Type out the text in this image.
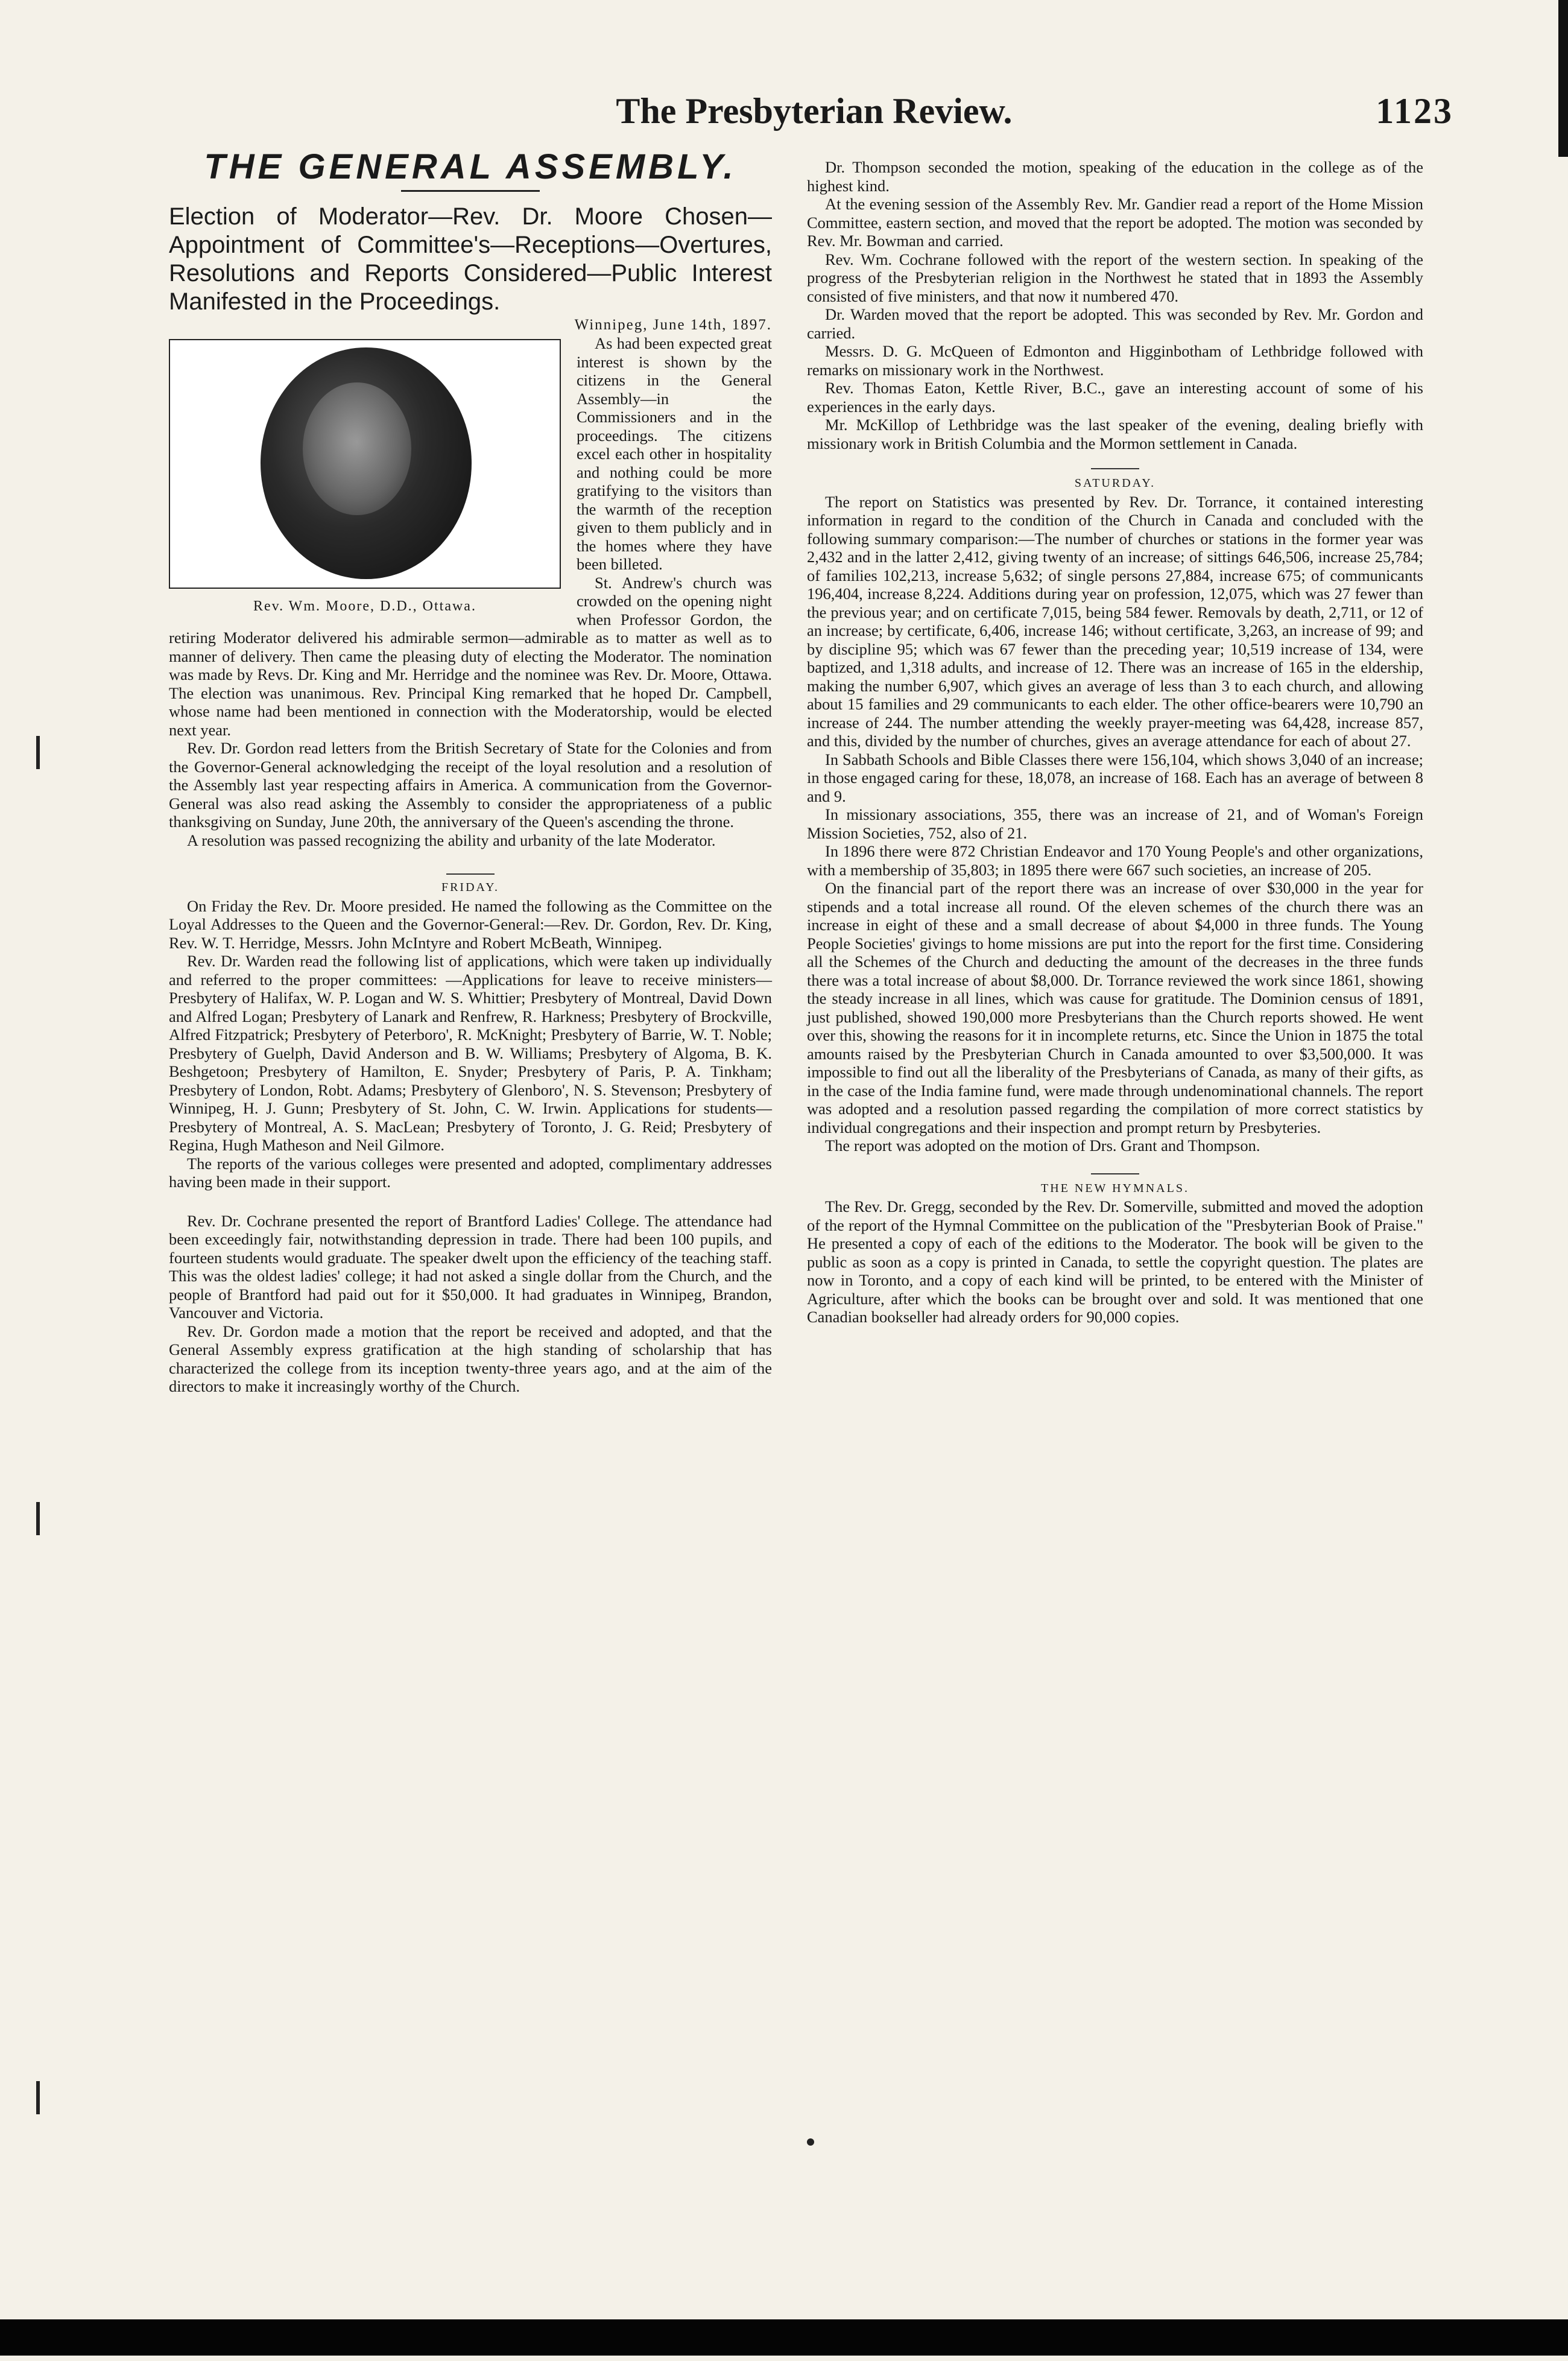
The Presbyterian Review.	1123

THE GENERAL ASSEMBLY.

Election of Moderator—Rev. Dr. Moore Chosen—Appointment of Committee's—Receptions—Overtures, Resolutions and Reports Considered—Public Interest Manifested in the Proceedings.

Winnipeg, June 14th, 1897.

Rev. Wm. Moore, D.D., Ottawa.

As had been expected great interest is shown by the citizens in the General Assembly—in the Commissioners and in the proceedings. The citizens excel each other in hospitality and nothing could be more gratifying to the visitors than the warmth of the reception given to them publicly and in the homes where they have been billeted.

St. Andrew's church was crowded on the opening night when Professor Gordon, the retiring Moderator delivered his admirable sermon—admirable as to matter as well as to manner of delivery. Then came the pleasing duty of electing the Moderator. The nomination was made by Revs. Dr. King and Mr. Herridge and the nominee was Rev. Dr. Moore, Ottawa. The election was unanimous. Rev. Principal King remarked that he hoped Dr. Campbell, whose name had been mentioned in connection with the Moderatorship, would be elected next year.

Rev. Dr. Gordon read letters from the British Secretary of State for the Colonies and from the Governor-General acknowledging the receipt of the loyal resolution and a resolution of the Assembly last year respecting affairs in America. A communication from the Governor-General was also read asking the Assembly to consider the appropriateness of a public thanksgiving on Sunday, June 20th, the anniversary of the Queen's ascending the throne.

A resolution was passed recognizing the ability and urbanity of the late Moderator.

FRIDAY.

On Friday the Rev. Dr. Moore presided. He named the following as the Committee on the Loyal Addresses to the Queen and the Governor-General:—Rev. Dr. Gordon, Rev. Dr. King, Rev. W. T. Herridge, Messrs. John McIntyre and Robert McBeath, Winnipeg.

Rev. Dr. Warden read the following list of applications, which were taken up individually and referred to the proper committees: —Applications for leave to receive ministers—Presbytery of Halifax, W. P. Logan and W. S. Whittier; Presbytery of Montreal, David Down and Alfred Logan; Presbytery of Lanark and Renfrew, R. Harkness; Presbytery of Brockville, Alfred Fitzpatrick; Presbytery of Peterboro', R. McKnight; Presbytery of Barrie, W. T. Noble; Presbytery of Guelph, David Anderson and B. W. Williams; Presbytery of Algoma, B. K. Beshgetoon; Presbytery of Hamilton, E. Snyder; Presbytery of Paris, P. A. Tinkham; Presbytery of London, Robt. Adams; Presbytery of Glenboro', N. S. Stevenson; Presbytery of Winnipeg, H. J. Gunn; Presbytery of St. John, C. W. Irwin. Applications for students—Presbytery of Montreal, A. S. MacLean; Presbytery of Toronto, J. G. Reid; Presbytery of Regina, Hugh Matheson and Neil Gilmore.

The reports of the various colleges were presented and adopted, complimentary addresses having been made in their support.

Rev. Dr. Cochrane presented the report of Brantford Ladies' College. The attendance had been exceedingly fair, notwithstanding depression in trade. There had been 100 pupils, and fourteen students would graduate. The speaker dwelt upon the efficiency of the teaching staff. This was the oldest ladies' college; it had not asked a single dollar from the Church, and the people of Brantford had paid out for it $50,000. It had graduates in Winnipeg, Brandon, Vancouver and Victoria.

Rev. Dr. Gordon made a motion that the report be received and adopted, and that the General Assembly express gratification at the high standing of scholarship that has characterized the college from its inception twenty-three years ago, and at the aim of the directors to make it increasingly worthy of the Church.

Dr. Thompson seconded the motion, speaking of the education in the college as of the highest kind.

At the evening session of the Assembly Rev. Mr. Gandier read a report of the Home Mission Committee, eastern section, and moved that the report be adopted. The motion was seconded by Rev. Mr. Bowman and carried.

Rev. Wm. Cochrane followed with the report of the western section. In speaking of the progress of the Presbyterian religion in the Northwest he stated that in 1893 the Assembly consisted of five ministers, and that now it numbered 470.

Dr. Warden moved that the report be adopted. This was seconded by Rev. Mr. Gordon and carried.

Messrs. D. G. McQueen of Edmonton and Higginbotham of Lethbridge followed with remarks on missionary work in the Northwest.

Rev. Thomas Eaton, Kettle River, B.C., gave an interesting account of some of his experiences in the early days.

Mr. McKillop of Lethbridge was the last speaker of the evening, dealing briefly with missionary work in British Columbia and the Mormon settlement in Canada.

SATURDAY.

The report on Statistics was presented by Rev. Dr. Torrance, it contained interesting information in regard to the condition of the Church in Canada and concluded with the following summary comparison:—The number of churches or stations in the former year was 2,432 and in the latter 2,412, giving twenty of an increase; of sittings 646,506, increase 25,784; of families 102,213, increase 5,632; of single persons 27,884, increase 675; of communicants 196,404, increase 8,224. Additions during year on profession, 12,075, which was 27 fewer than the previous year; and on certificate 7,015, being 584 fewer. Removals by death, 2,711, or 12 of an increase; by certificate, 6,406, increase 146; without certificate, 3,263, an increase of 99; and by discipline 95; which was 67 fewer than the preceding year; 10,519 increase of 134, were baptized, and 1,318 adults, and increase of 12. There was an increase of 165 in the eldership, making the number 6,907, which gives an average of less than 3 to each church, and allowing about 15 families and 29 communicants to each elder. The other office-bearers were 10,790 an increase of 244. The number attending the weekly prayer-meeting was 64,428, increase 857, and this, divided by the number of churches, gives an average attendance for each of about 27.

In Sabbath Schools and Bible Classes there were 156,104, which shows 3,040 of an increase; in those engaged caring for these, 18,078, an increase of 168. Each has an average of between 8 and 9.

In missionary associations, 355, there was an increase of 21, and of Woman's Foreign Mission Societies, 752, also of 21.

In 1896 there were 872 Christian Endeavor and 170 Young People's and other organizations, with a membership of 35,803; in 1895 there were 667 such societies, an increase of 205.

On the financial part of the report there was an increase of over $30,000 in the year for stipends and a total increase all round. Of the eleven schemes of the church there was an increase in eight of these and a small decrease of about $4,000 in three funds. The Young People Societies' givings to home missions are put into the report for the first time. Considering all the Schemes of the Church and deducting the amount of the decreases in the three funds there was a total increase of about $8,000. Dr. Torrance reviewed the work since 1861, showing the steady increase in all lines, which was cause for gratitude. The Dominion census of 1891, just published, showed 190,000 more Presbyterians than the Church reports showed. He went over this, showing the reasons for it in incomplete returns, etc. Since the Union in 1875 the total amounts raised by the Presbyterian Church in Canada amounted to over $3,500,000. It was impossible to find out all the liberality of the Presbyterians of Canada, as many of their gifts, as in the case of the India famine fund, were made through undenominational channels. The report was adopted and a resolution passed regarding the compilation of more correct statistics by individual congregations and their inspection and prompt return by Presbyteries.

The report was adopted on the motion of Drs. Grant and Thompson.

THE NEW HYMNALS.

The Rev. Dr. Gregg, seconded by the Rev. Dr. Somerville, submitted and moved the adoption of the report of the Hymnal Committee on the publication of the "Presbyterian Book of Praise." He presented a copy of each of the editions to the Moderator. The book will be given to the public as soon as a copy is printed in Canada, to settle the copyright question. The plates are now in Toronto, and a copy of each kind will be printed, to be entered with the Minister of Agriculture, after which the books can be brought over and sold. It was mentioned that one Canadian bookseller had already orders for 90,000 copies.
